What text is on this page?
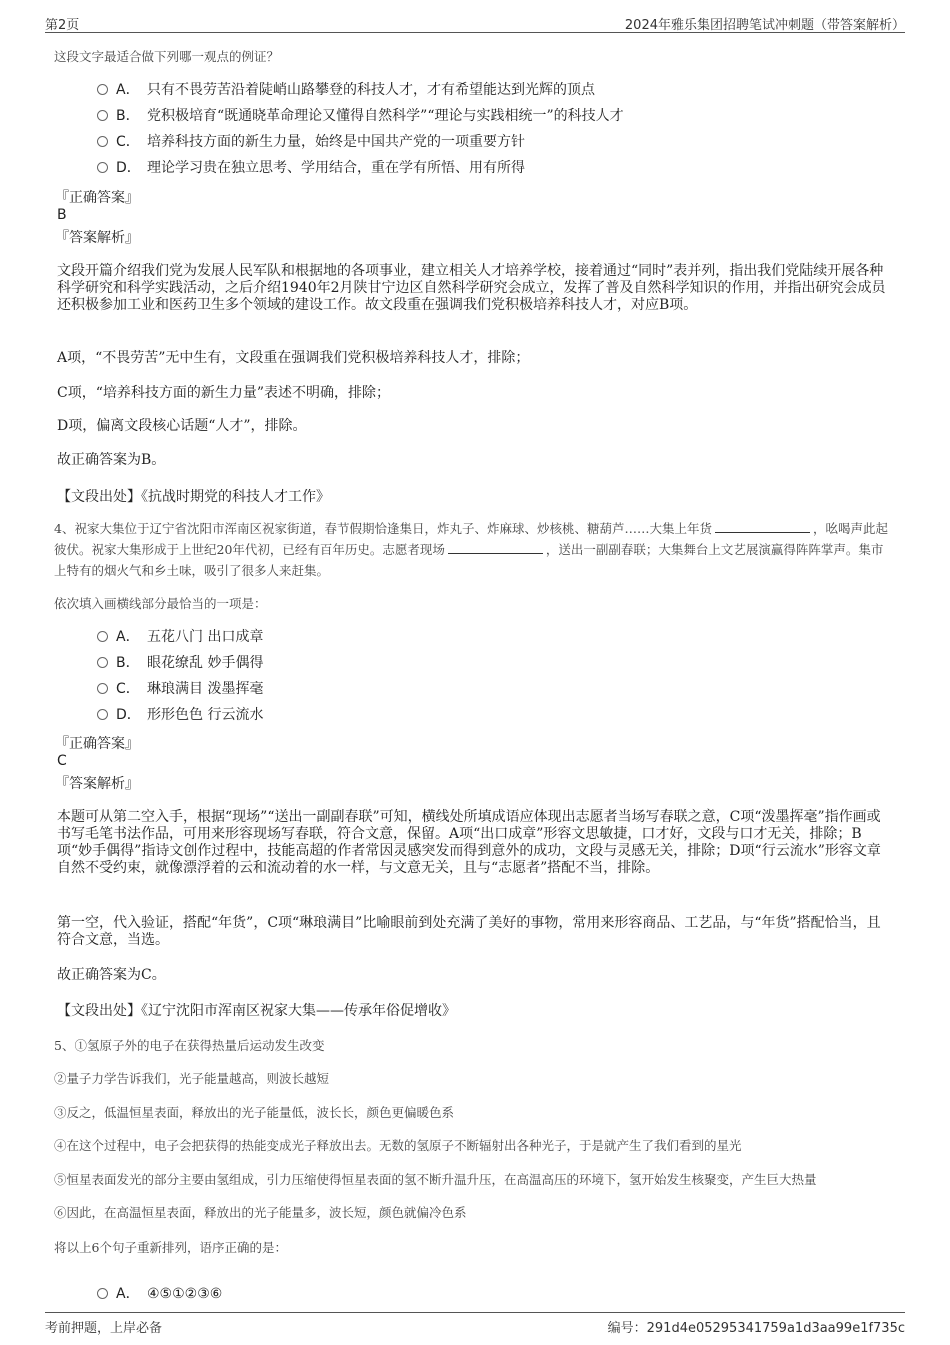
第2页	2024年雅乐集团招聘笔试冲刺题（带答案解析）
这段文字最适合做下列哪一观点的例证？
A． 只有不畏劳苦沿着陡峭山路攀登的科技人才，才有希望能达到光辉的顶点
B． 党积极培育“既通晓革命理论又懂得自然科学”“理论与实践相统一”的科技人才
C． 培养科技方面的新生力量，始终是中国共产党的一项重要方针
D． 理论学习贵在独立思考、学用结合，重在学有所悟、用有所得
『正确答案』
B
『答案解析』
文段开篇介绍我们党为发展人民军队和根据地的各项事业，建立相关人才培养学校，接着通过“同时”表并列，指出我们党陆续开展各种科学研究和科学实践活动，之后介绍1940年2月陕甘宁边区自然科学研究会成立，发挥了普及自然科学知识的作用，并指出研究会成员还积极参加工业和医药卫生多个领域的建设工作。故文段重在强调我们党积极培养科技人才，对应B项。
A项，“不畏劳苦”无中生有，文段重在强调我们党积极培养科技人才，排除；
C项，“培养科技方面的新生力量”表述不明确，排除；
D项，偏离文段核心话题“人才”，排除。
故正确答案为B。
【文段出处】《抗战时期党的科技人才工作》
4、祝家大集位于辽宁省沈阳市浑南区祝家街道，春节假期恰逢集日，炸丸子、炸麻球、炒核桃、糖葫芦……大集上年货	，吆喝声此起彼伏。祝家大集形成于上世纪20年代初，已经有百年历史。志愿者现场	，送出一副副春联；大集舞台上文艺展演赢得阵阵掌声。集市上特有的烟火气和乡土味，吸引了很多人来赶集。
依次填入画横线部分最恰当的一项是：
A． 五花八门 出口成章
B． 眼花缭乱 妙手偶得
C． 琳琅满目 泼墨挥毫
D． 形形色色 行云流水
『正确答案』
C
『答案解析』
本题可从第二空入手，根据“现场”“送出一副副春联”可知，横线处所填成语应体现出志愿者当场写春联之意，C项“泼墨挥毫”指作画或书写毛笔书法作品，可用来形容现场写春联，符合文意，保留。A项“出口成章”形容文思敏捷，口才好，文段与口才无关，排除；B项“妙手偶得”指诗文创作过程中，技能高超的作者常因灵感突发而得到意外的成功，文段与灵感无关，排除；D项“行云流水”形容文章自然不受约束，就像漂浮着的云和流动着的水一样，与文意无关，且与“志愿者”搭配不当，排除。
第一空，代入验证，搭配“年货”，C项“琳琅满目”比喻眼前到处充满了美好的事物，常用来形容商品、工艺品，与“年货”搭配恰当，且符合文意，当选。
故正确答案为C。
【文段出处】《辽宁沈阳市浑南区祝家大集——传承年俗促增收》
5、①氢原子外的电子在获得热量后运动发生改变
②量子力学告诉我们，光子能量越高，则波长越短
③反之，低温恒星表面，释放出的光子能量低，波长长，颜色更偏暖色系
④在这个过程中，电子会把获得的热能变成光子释放出去。无数的氢原子不断辐射出各种光子，于是就产生了我们看到的星光
⑤恒星表面发光的部分主要由氢组成，引力压缩使得恒星表面的氢不断升温升压，在高温高压的环境下，氢开始发生核聚变，产生巨大热量
⑥因此，在高温恒星表面，释放出的光子能量多，波长短，颜色就偏冷色系
将以上6个句子重新排列，语序正确的是：
A． ④⑤①②③⑥
考前押题，上岸必备	编号：291d4e05295341759a1d3aa99e1f735c
